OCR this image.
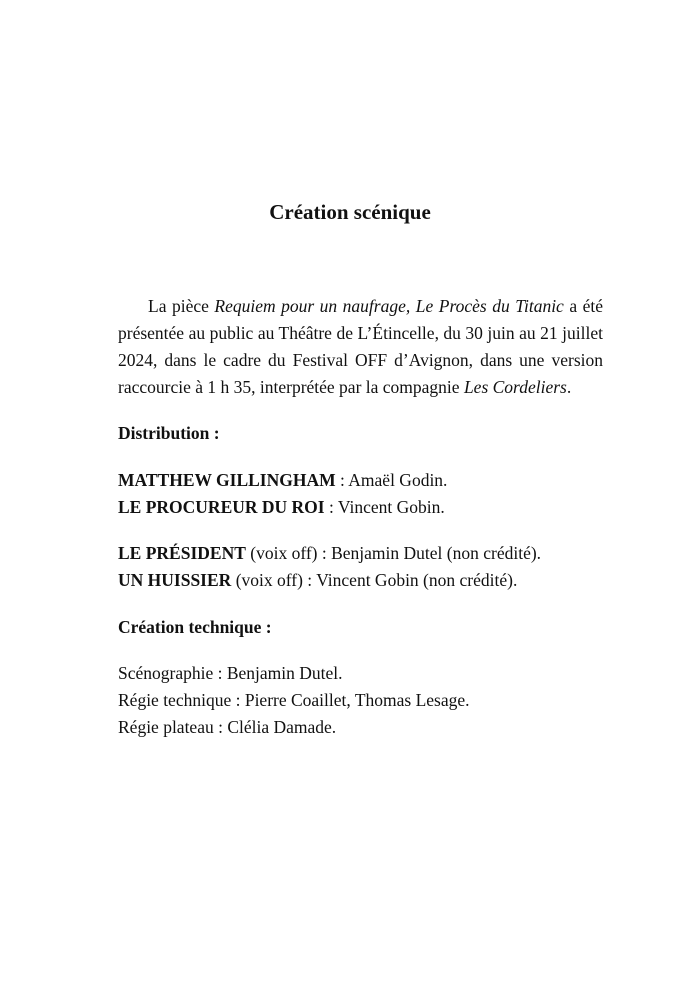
Création scénique

La pièce Requiem pour un naufrage, Le Procès du Titanic a été présentée au public au Théâtre de L’Étincelle, du 30 juin au 21 juillet 2024, dans le cadre du Festival OFF d’Avignon, dans une version raccourcie à 1 h 35, interprétée par la compagnie Les Cordeliers.

Distribution :
MATTHEW GILLINGHAM : Amaël Godin.
LE PROCUREUR DU ROI : Vincent Gobin.
LE PRÉSIDENT (voix off) : Benjamin Dutel (non crédité).
UN HUISSIER (voix off) : Vincent Gobin (non crédité).
Création technique :
Scénographie : Benjamin Dutel.
Régie technique : Pierre Coaillet, Thomas Lesage.
Régie plateau : Clélia Damade.
